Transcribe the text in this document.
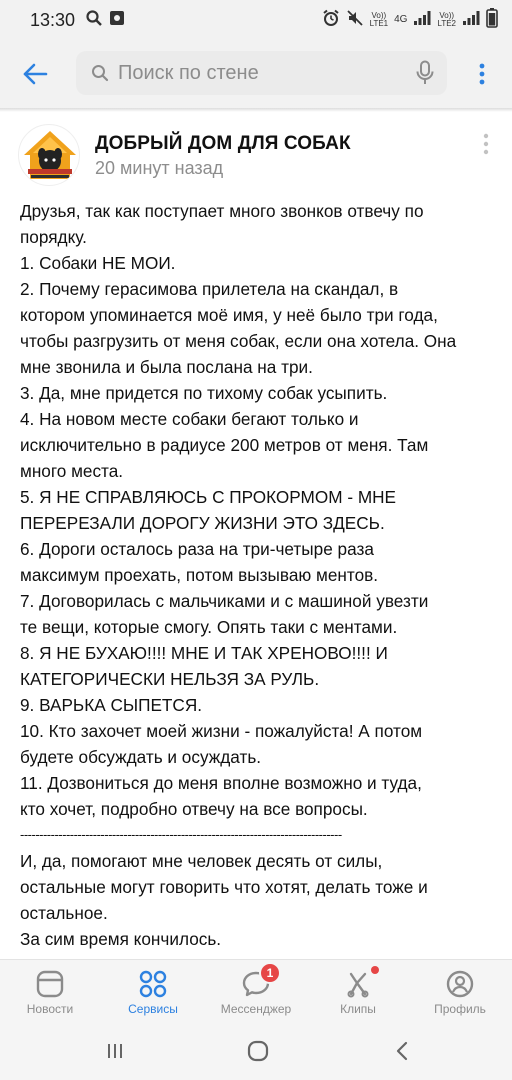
13:30	Vo))
LTE1 4G	Vo))
LTE2
Поиск по стене
ДОБРЫЙ ДОМ ДЛЯ СОБАК
20 минут назад
Друзья, так как поступает много звонков отвечу по
порядку.
1. Собаки НЕ МОИ.
2. Почему герасимова прилетела на скандал, в
котором упоминается моё имя, у неё было три года,
чтобы разгрузить от меня собак, если она хотела. Она
мне звонила и была послана на три.
3. Да, мне придется по тихому собак усыпить.
4. На новом месте собаки бегают только и
исключительно в радиусе 200 метров от меня. Там
много места.
5. Я НЕ СПРАВЛЯЮСЬ С ПРОКОРМОМ - МНЕ
ПЕРЕРЕЗАЛИ ДОРОГУ ЖИЗНИ ЭТО ЗДЕСЬ.
6. Дороги осталось раза на три-четыре раза
максимум проехать, потом вызываю ментов.
7. Договорилась с мальчиками и с машиной увезти
те вещи, которые смогу. Опять таки с ментами.
8. Я НЕ БУХАЮ!!!! МНЕ И ТАК ХРЕНОВО!!!! И
КАТЕГОРИЧЕСКИ НЕЛЬЗЯ ЗА РУЛЬ.
9. ВАРЬКА СЫПЕТСЯ.
10. Кто захочет моей жизни - пожалуйста! А потом
будете обсуждать и осуждать.
11. Дозвониться до меня вполне возможно и туда,
кто хочет, подробно отвечу на все вопросы.
------------------------------------------------------------------------------------
И, да, помогают мне человек десять от силы,
остальные могут говорить что хотят, делать тоже и
остальное.
За сим время кончилось.
Новости	Сервисы
1
Мессенджер	Клипы	Профиль
